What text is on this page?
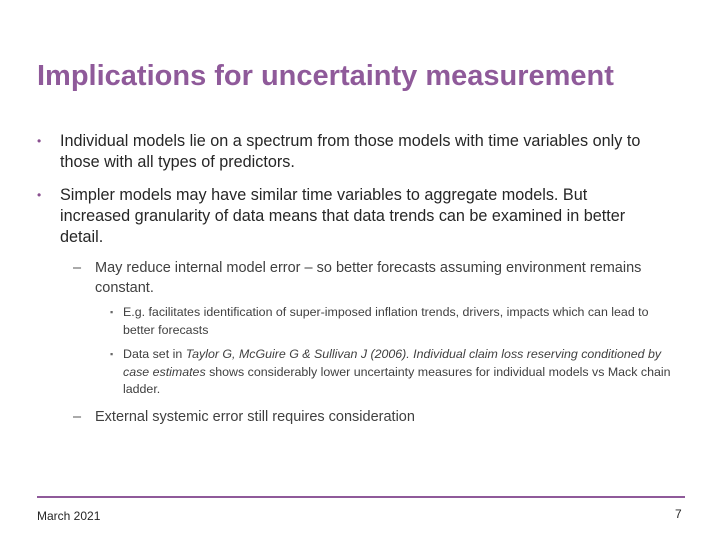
Implications for uncertainty measurement
• Individual models lie on a spectrum from those models with time variables only to those with all types of predictors.
• Simpler models may have similar time variables to aggregate models. But increased granularity of data means that data trends can be examined in better detail.
– May reduce internal model error – so better forecasts assuming environment remains constant.
▪ E.g. facilitates identification of super-imposed inflation trends, drivers, impacts which can lead to better forecasts
▪ Data set in Taylor G, McGuire G & Sullivan J (2006). Individual claim loss reserving conditioned by case estimates shows considerably lower uncertainty measures for individual models vs Mack chain ladder.
– External systemic error still requires consideration
March 2021	7
